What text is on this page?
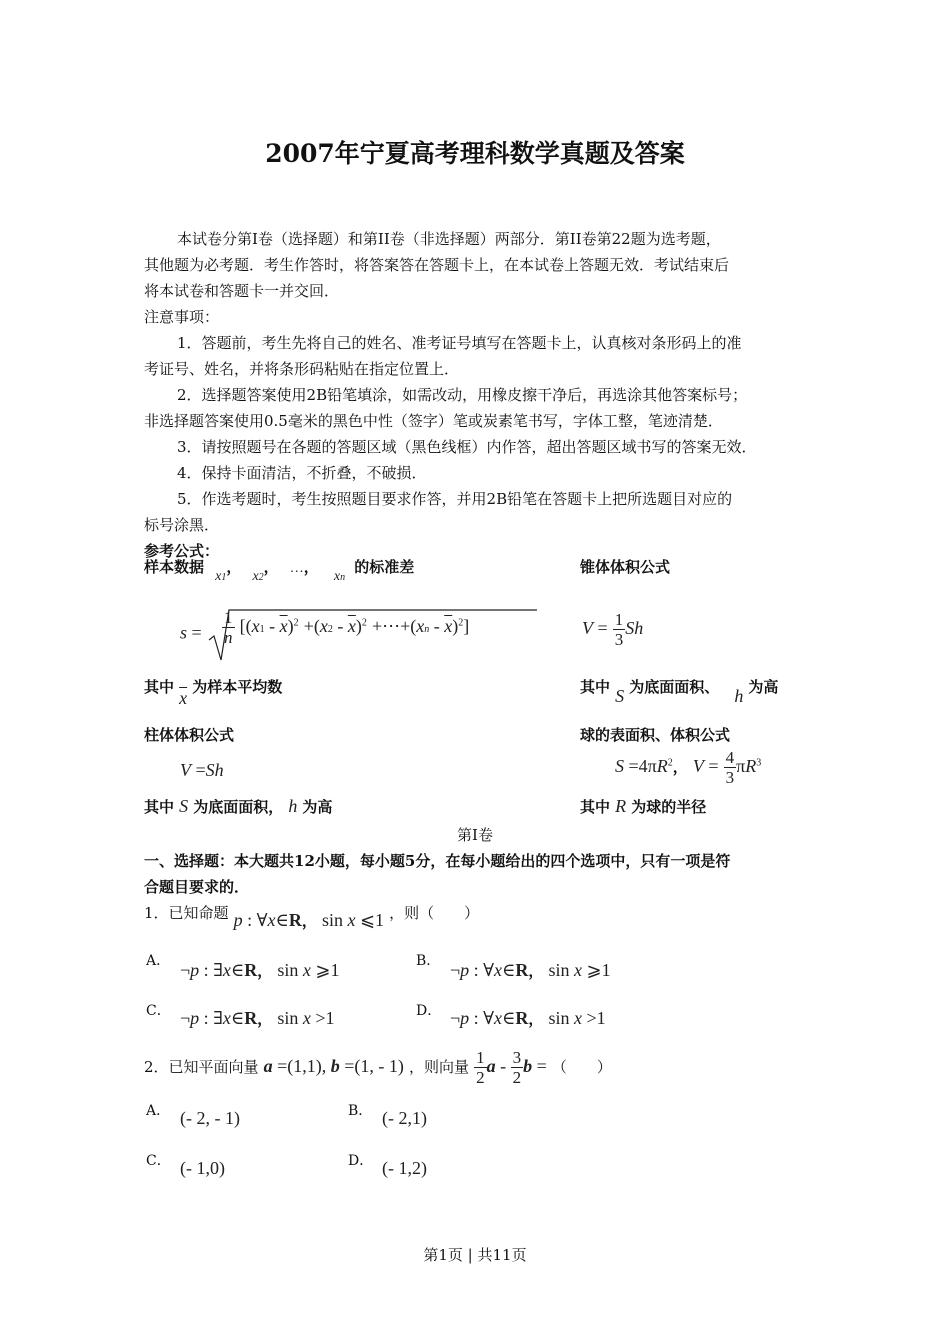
2007年宁夏高考理科数学真题及答案
本试卷分第I卷（选择题）和第II卷（非选择题）两部分．第II卷第22题为选考题，
其他题为必考题．考生作答时，将答案答在答题卡上，在本试卷上答题无效．考试结束后
将本试卷和答题卡一并交回．
注意事项：
1．答题前，考生先将自己的姓名、准考证号填写在答题卡上，认真核对条形码上的准
考证号、姓名，并将条形码粘贴在指定位置上．
2．选择题答案使用2B铅笔填涂，如需改动，用橡皮擦干净后，再选涂其他答案标号；
非选择题答案使用0.5毫米的黑色中性（签字）笔或炭素笔书写，字体工整，笔迹清楚．
3．请按照题号在各题的答题区域（黑色线框）内作答，超出答题区域书写的答案无效．
4．保持卡面清洁，不折叠，不破损．
5．作选考题时，考生按照题目要求作答，并用2B铅笔在答题卡上把所选题目对应的
标号涂黑．
参考公式：
样本数据 x1， x2， …， xn 的标准差	锥体体积公式
s =	$\frac{1}{n} [(x1 - \overline{x})^2 +(x2 - \overline{x})^2$ +⋯+(xn - $\overline{x})^2$]	$V = \frac{1}{3}$ Sh
其中 $\overline{x}$ 为样本平均数	其中 S 为底面面积、 h 为高
柱体体积公式	球的表面积、体积公式
V =Sh	$S =4\pi R^2$， $V = \frac{4}{3} \pi R^3$
其中 S 为底面面积， h 为高	其中 R 为球的半径
第I卷
一、选择题：本大题共12小题，每小题5分，在每小题给出的四个选项中，只有一项是符
合题目要求的．
1．已知命题 p : ∀x∈R， sin x ⩽1 ，则（　　）
A． ¬p : ∃x∈R， sin x ⩾1	B． ¬p : ∀x∈R， sin x ⩾1
C． ¬p : ∃x∈R， sin x >1	D． ¬p : ∀x∈R， sin x >1
2．已知平面向量 a =(1,1), b =(1, - 1) ，则向量 $\frac{1}{2}$ a - $\frac{3}{2}$ b = （　　）
A． (- 2, - 1)	B． (- 2,1)
C． (- 1,0)	D． (- 1,2)
第1页 | 共11页
